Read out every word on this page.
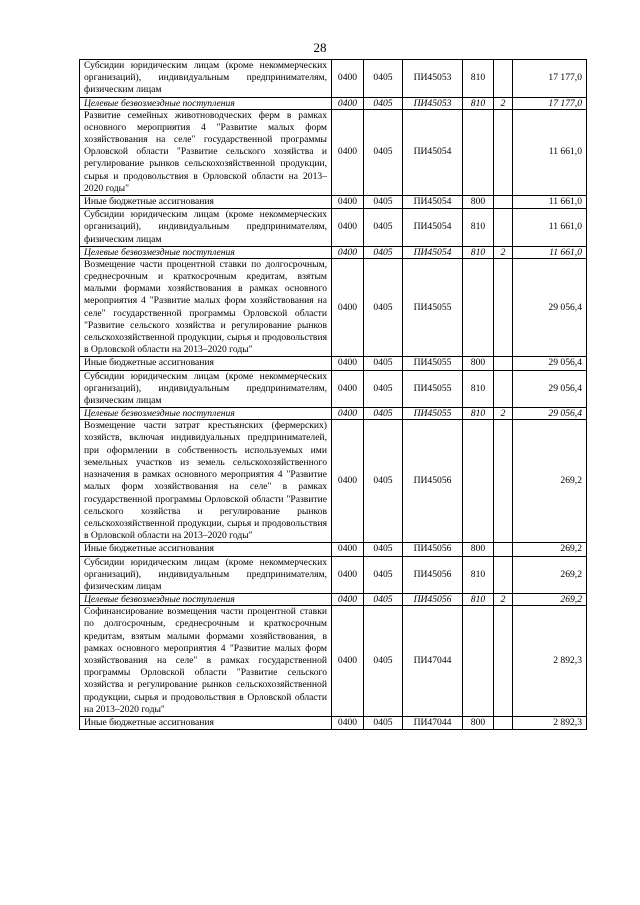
28
Субсидии юридическим лицам (кроме некоммерческих организаций), индивидуальным предпринимателям, физическим лицам	0400	0405	ПИ45053	810		17 177,0
Целевые безвозмездные поступления	0400	0405	ПИ45053	810	2	17 177,0
Развитие семейных животноводческих ферм в рамках основного мероприятия 4 "Развитие малых форм хозяйствования на селе" государственной программы Орловской области "Развитие сельского хозяйства и регулирование рынков сельскохозяйственной продукции, сырья и продовольствия в Орловской области на 2013–2020 годы"	0400	0405	ПИ45054			11 661,0
Иные бюджетные ассигнования	0400	0405	ПИ45054	800		11 661,0
Субсидии юридическим лицам (кроме некоммерческих организаций), индивидуальным предпринимателям, физическим лицам	0400	0405	ПИ45054	810		11 661,0
Целевые безвозмездные поступления	0400	0405	ПИ45054	810	2	11 661,0
Возмещение части процентной ставки по долгосрочным, среднесрочным и краткосрочным кредитам, взятым малыми формами хозяйствования в рамках основного мероприятия 4 "Развитие малых форм хозяйствования на селе" государственной программы Орловской области "Развитие сельского хозяйства и регулирование рынков сельскохозяйственной продукции, сырья и продовольствия в Орловской области на 2013–2020 годы"	0400	0405	ПИ45055			29 056,4
Иные бюджетные ассигнования	0400	0405	ПИ45055	800		29 056,4
Субсидии юридическим лицам (кроме некоммерческих организаций), индивидуальным предпринимателям, физическим лицам	0400	0405	ПИ45055	810		29 056,4
Целевые безвозмездные поступления	0400	0405	ПИ45055	810	2	29 056,4
Возмещение части затрат крестьянских (фермерских) хозяйств, включая индивидуальных предпринимателей, при оформлении в собственность используемых ими земельных участков из земель сельскохозяйственного назначения в рамках основного мероприятия 4 "Развитие малых форм хозяйствования на селе" в рамках государственной программы Орловской области "Развитие сельского хозяйства и регулирование рынков сельскохозяйственной продукции, сырья и продовольствия в Орловской области на 2013–2020 годы"	0400	0405	ПИ45056			269,2
Иные бюджетные ассигнования	0400	0405	ПИ45056	800		269,2
Субсидии юридическим лицам (кроме некоммерческих организаций), индивидуальным предпринимателям, физическим лицам	0400	0405	ПИ45056	810		269,2
Целевые безвозмездные поступления	0400	0405	ПИ45056	810	2	269,2
Софинансирование возмещения части процентной ставки по долгосрочным, среднесрочным и краткосрочным кредитам, взятым малыми формами хозяйствования, в рамках основного мероприятия 4 "Развитие малых форм хозяйствования на селе" в рамках государственной программы Орловской области "Развитие сельского хозяйства и регулирование рынков сельскохозяйственной продукции, сырья и продовольствия в Орловской области на 2013–2020 годы"	0400	0405	ПИ47044			2 892,3
Иные бюджетные ассигнования	0400	0405	ПИ47044	800		2 892,3
